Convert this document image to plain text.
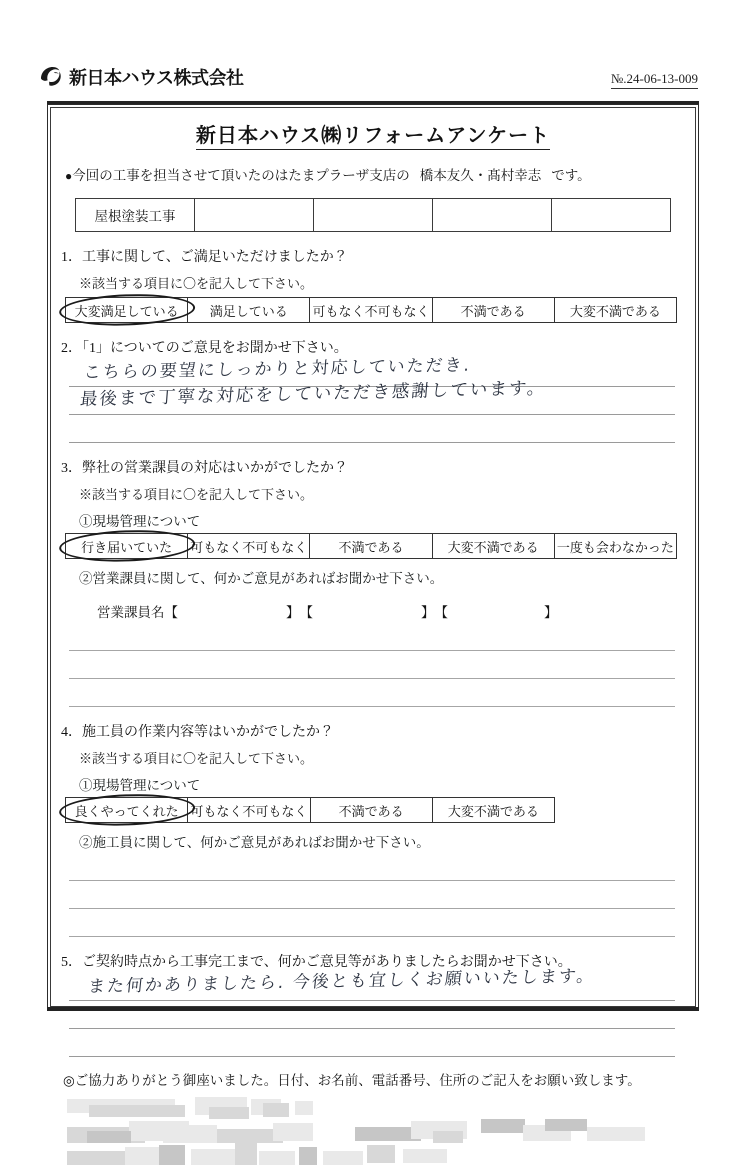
新日本ハウス株式会社	№.24-06-13-009
新日本ハウス㈱リフォームアンケート
●今回の工事を担当させて頂いたのはたまプラーザ支店の 橋本友久・髙村幸志 です。
屋根塗装工事				
1．工事に関して、ご満足いただけましたか？
※該当する項目に〇を記入して下さい。
大変満足している	満足している	可もなく不可もなく	不満である	大変不満である
2．「1」についてのご意見をお聞かせ下さい。
こちらの要望にしっかりと対応していただき.
最後まで丁寧な対応をしていただき感謝しています。
3．弊社の営業課員の対応はいかがでしたか？
※該当する項目に〇を記入して下さい。
①現場管理について
行き届いていた	可もなく不可もなく	不満である	大変不満である	一度も会わなかった
②営業課員に関して、何かご意見があればお聞かせ下さい。
営業課員名 【	】 【	】 【	】
4．施工員の作業内容等はいかがでしたか？
※該当する項目に〇を記入して下さい。
①現場管理について
良くやってくれた	可もなく不可もなく	不満である	大変不満である
②施工員に関して、何かご意見があればお聞かせ下さい。
5．ご契約時点から工事完工まで、何かご意見等がありましたらお聞かせ下さい。
また何かありましたら. 今後とも宜しくお願いいたします。
◎ご協力ありがとう御座いました。日付、お名前、電話番号、住所のご記入をお願い致します。
